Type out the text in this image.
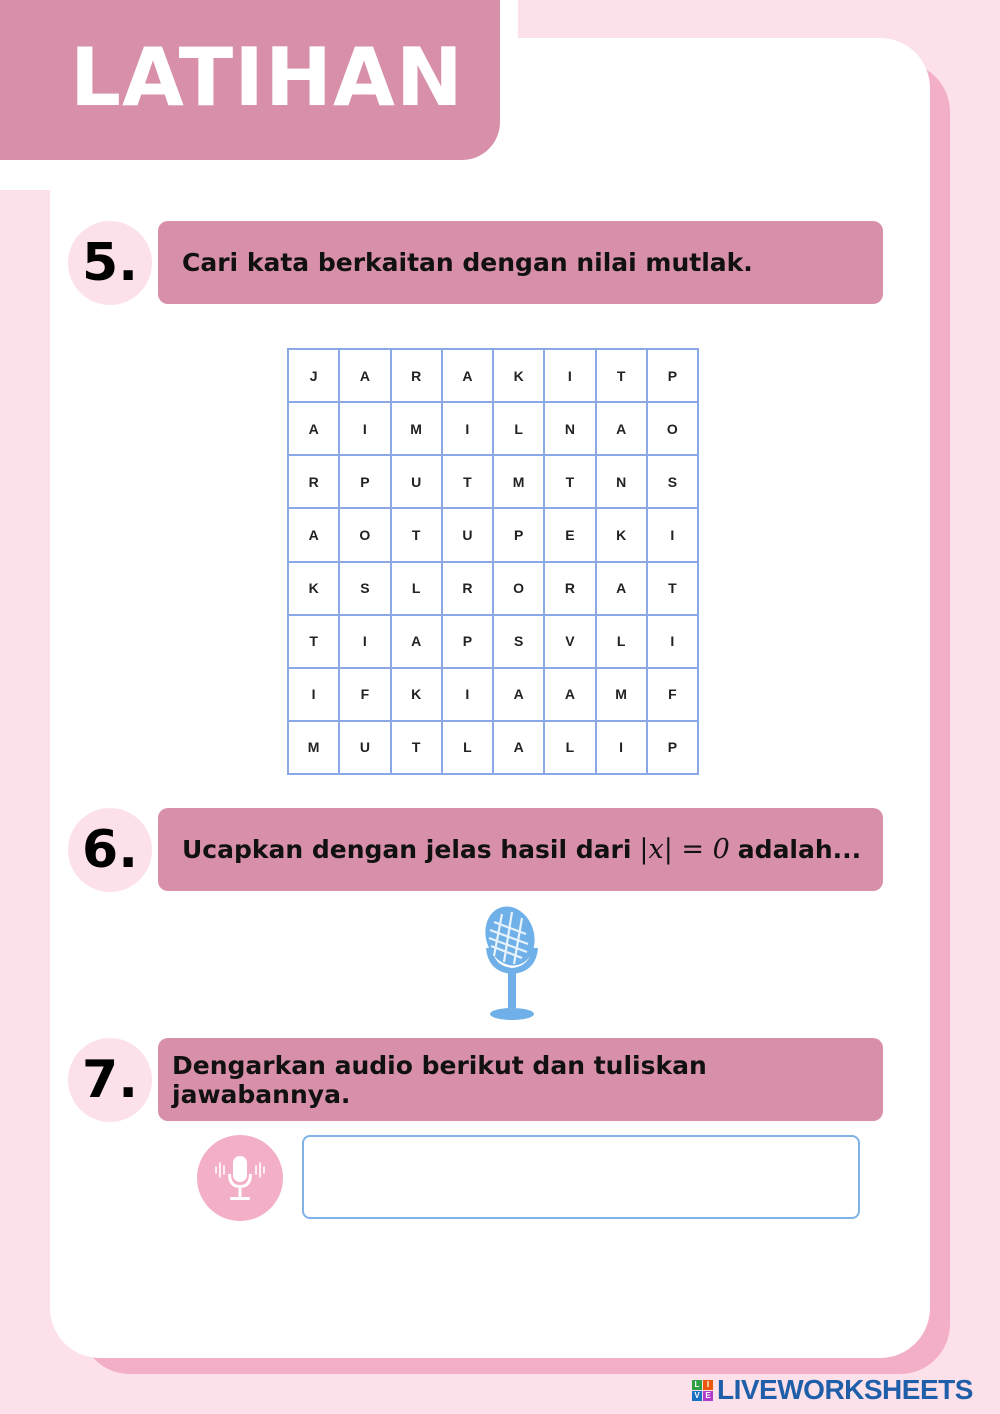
LATIHAN
5.	Cari kata berkaitan dengan nilai mutlak.
J	A	R	A	K	I	T	P
A	I	M	I	L	N	A	O
R	P	U	T	M	T	N	S
A	O	T	U	P	E	K	I
K	S	L	R	O	R	A	T
T	I	A	P	S	V	L	I
I	F	K	I	A	A	M	F
M	U	T	L	A	L	I	P
6.	Ucapkan dengan jelas hasil dari |x| = 0 adalah...
7.	Dengarkan audio berikut dan tuliskan jawabannya.
L I
V E LIVEWORKSHEETS
